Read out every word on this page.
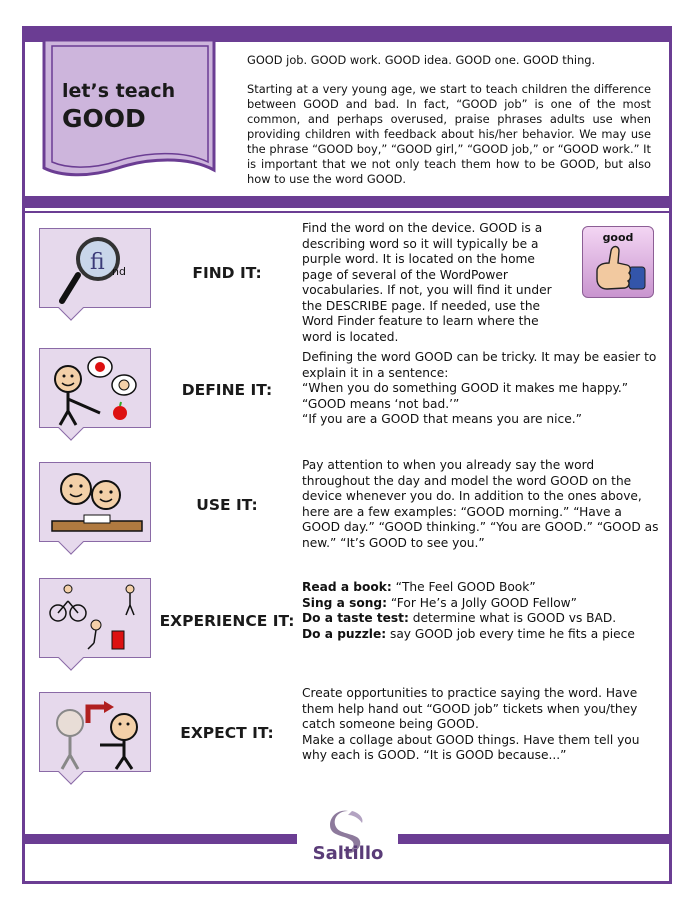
let’s teach
GOOD

GOOD job. GOOD work. GOOD idea. GOOD one. GOOD thing.

Starting at a very young age, we start to teach children the difference between GOOD and bad. In fact, “GOOD job” is one of the most common, and perhaps overused, praise phrases adults use when providing children with feedback about his/her behavior. We may use the phrase “GOOD boy,” “GOOD girl,” “GOOD job,” or “GOOD work.” It is important that we not only teach them how to be GOOD, but also how to use the word GOOD.

fi nd	FIND IT:
Find the word on the device. GOOD is a describing word so it will typically be a purple word. It is located on the home page of several of the WordPower vocabularies. If not, you will find it under the DESCRIBE page. If needed, use the Word Finder feature to learn where the word is located.
good
DEFINE IT:
Defining the word GOOD can be tricky. It may be easier to explain it in a sentence:
“When you do something GOOD it makes me happy.”
“GOOD means ‘not bad.’”
“If you are a GOOD that means you are nice.”
USE IT:
Pay attention to when you already say the word throughout the day and model the word GOOD on the device whenever you do. In addition to the ones above, here are a few examples: “GOOD morning.” “Have a GOOD day.” “GOOD thinking.” “You are GOOD.” “GOOD as new.” “It’s GOOD to see you.”
EXPERIENCE IT:
Read a book: “The Feel GOOD Book”
Sing a song: “For He’s a Jolly GOOD Fellow”
Do a taste test: determine what is GOOD vs BAD.
Do a puzzle: say GOOD job every time he fits a piece
EXPECT IT:
Create opportunities to practice saying the word. Have them help hand out “GOOD job” tickets when you/they catch someone being GOOD.
Make a collage about GOOD things. Have them tell you why each is GOOD. “It is GOOD because...”
Saltillo
